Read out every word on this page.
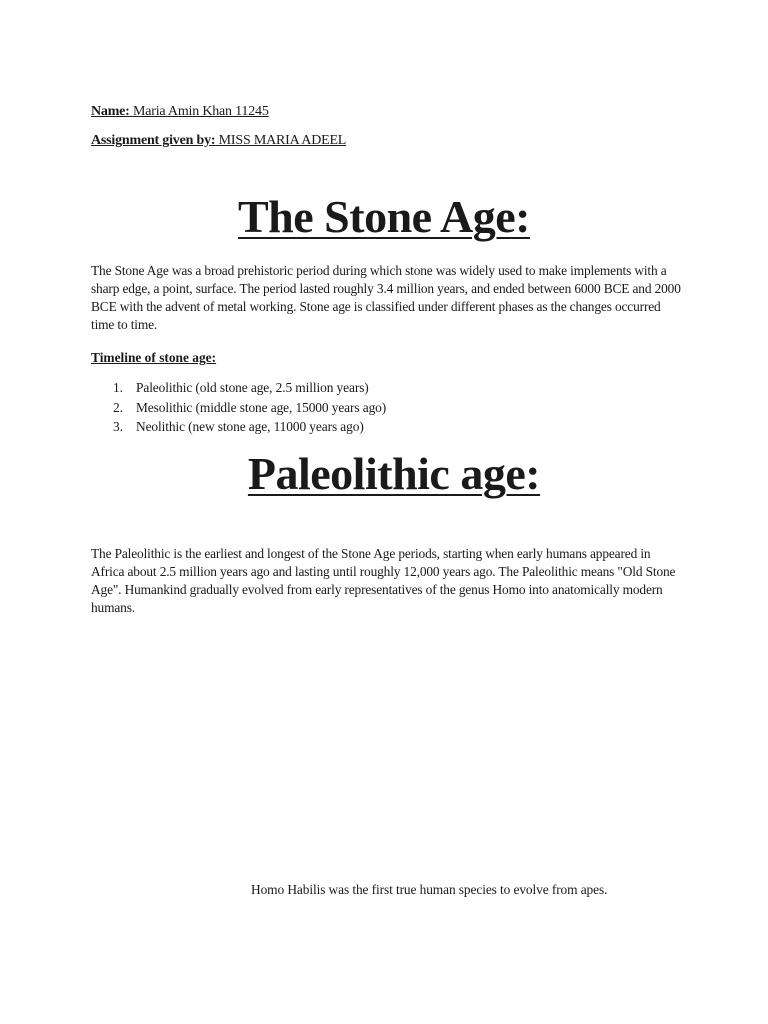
Name: Maria Amin Khan 11245
Assignment given by: MISS MARIA ADEEL
The Stone Age:
The Stone Age was a broad prehistoric period during which stone was widely used to make implements with a sharp edge, a point, surface. The period lasted roughly 3.4 million years, and ended between 6000 BCE and 2000 BCE with the advent of metal working. Stone age is classified under different phases as the changes occurred time to time.
Timeline of stone age:
1. Paleolithic (old stone age, 2.5 million years)
2. Mesolithic (middle stone age, 15000 years ago)
3. Neolithic (new stone age, 11000 years ago)
Paleolithic age:
The Paleolithic is the earliest and longest of the Stone Age periods, starting when early humans appeared in Africa about 2.5 million years ago and lasting until roughly 12,000 years ago. The Paleolithic means "Old Stone Age". Humankind gradually evolved from early representatives of the genus Homo into anatomically modern humans.
Homo Habilis was the first true human species to evolve from apes.
